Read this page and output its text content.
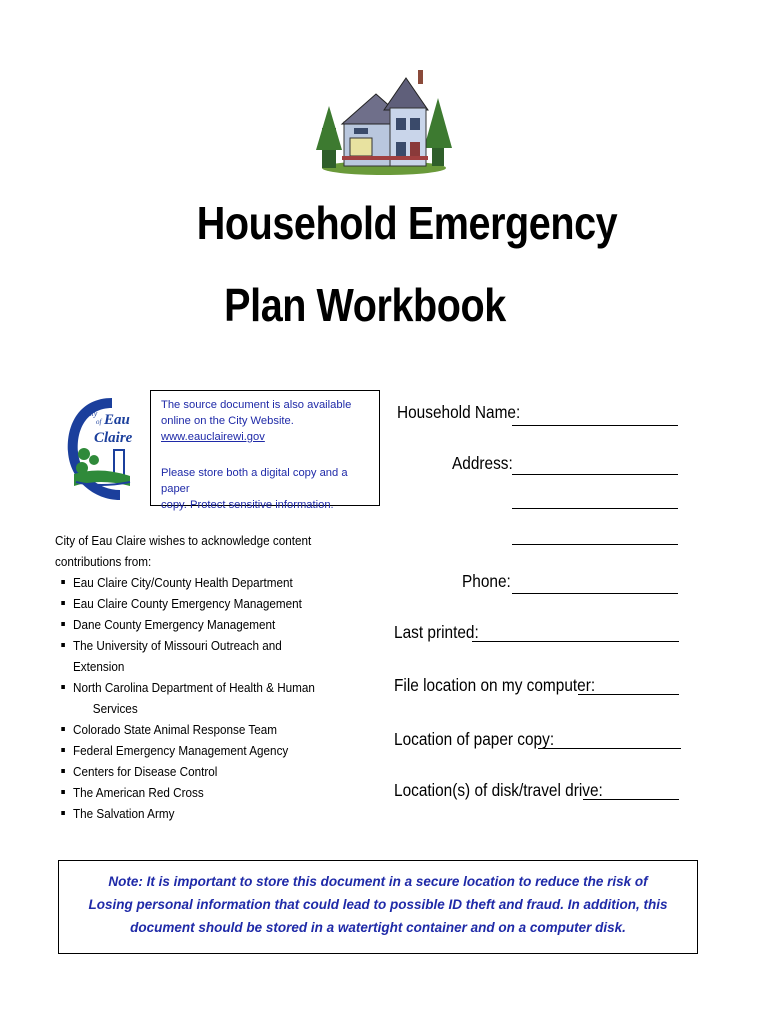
Household Emergency
Plan Workbook
City
of Eau
Claire

The source document is also available
online on the City Website. www.eauclairewi.gov

Please store both a digital copy and a paper
copy. Protect sensitive information.

City of Eau Claire wishes to acknowledge content
contributions from:
Eau Claire City/County Health Department
Eau Claire County Emergency Management
Dane County Emergency Management
The University of Missouri Outreach and Extension
North Carolina Department of Health & Human
Services
Colorado State Animal Response Team
Federal Emergency Management Agency
Centers for Disease Control
The American Red Cross
The Salvation Army
Household Name:
Address:
Phone:
Last printed:
File location on my computer:
Location of paper copy:
Location(s) of disk/travel drive:
Note: It is important to store this document in a secure location to reduce the risk of
Losing personal information that could lead to possible ID theft and fraud. In addition, this
document should be stored in a watertight container and on a computer disk.
